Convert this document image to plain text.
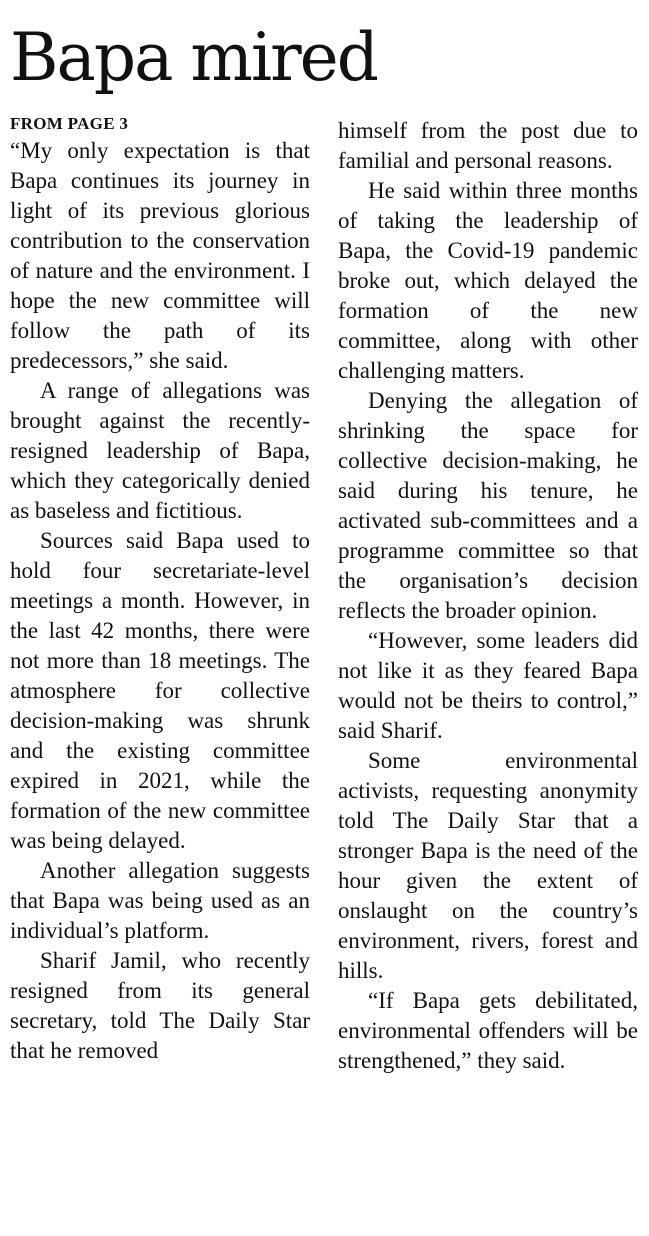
Bapa mired
FROM PAGE 3

“My only expectation is that Bapa continues its journey in light of its previous glorious contribution to the conservation of nature and the environment. I hope the new committee will follow the path of its predecessors,” she said.

A range of allegations was brought against the recently-resigned leadership of Bapa, which they categorically denied as baseless and fictitious.

Sources said Bapa used to hold four secretariate-level meetings a month. However, in the last 42 months, there were not more than 18 meetings. The atmosphere for collective decision-making was shrunk and the existing committee expired in 2021, while the formation of the new committee was being delayed.

Another allegation suggests that Bapa was being used as an individual’s platform.

Sharif Jamil, who recently resigned from its general secretary, told The Daily Star that he removed

himself from the post due to familial and personal reasons.

He said within three months of taking the leadership of Bapa, the Covid-19 pandemic broke out, which delayed the formation of the new committee, along with other challenging matters.

Denying the allegation of shrinking the space for collective decision-making, he said during his tenure, he activated sub-committees and a programme committee so that the organisation’s decision reflects the broader opinion.

“However, some leaders did not like it as they feared Bapa would not be theirs to control,” said Sharif.

Some environmental activists, requesting anonymity told The Daily Star that a stronger Bapa is the need of the hour given the extent of onslaught on the country’s environment, rivers, forest and hills.

“If Bapa gets debilitated, environmental offenders will be strengthened,” they said.
